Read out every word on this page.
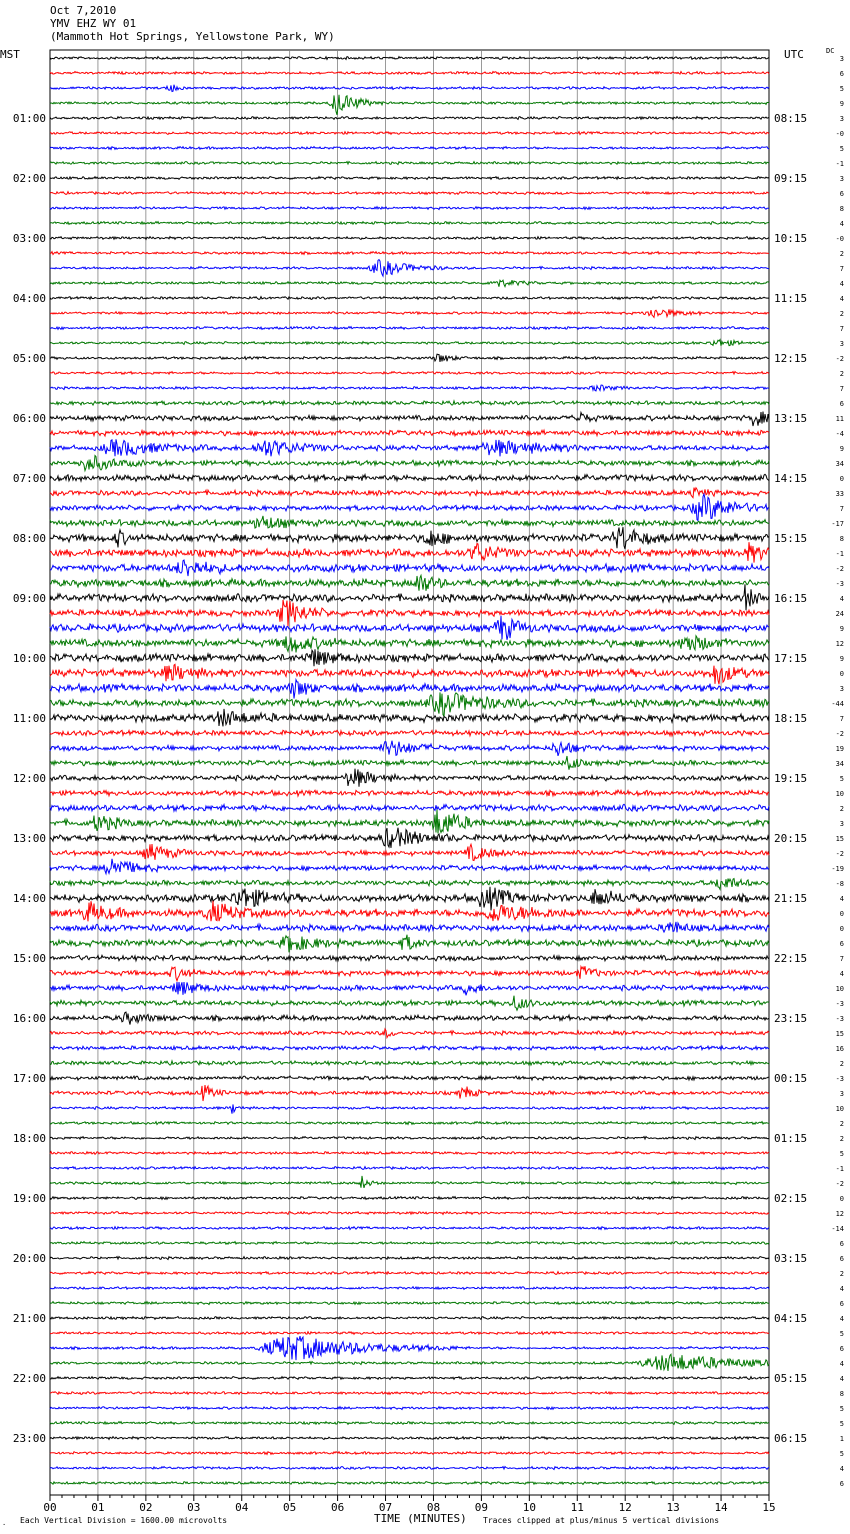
Oct 7,2010
YMV EHZ WY 01
(Mammoth Hot Springs, Yellowstone Park, WY)
MST	UTC	DC
01:00
02:00
03:00
04:00
05:00
06:00
07:00
08:00
09:00
10:00
11:00
12:00
13:00
14:00
15:00
16:00
17:00
18:00
19:00
20:00
21:00
22:00
23:00
08:15
09:15
10:15
11:15
12:15
13:15
14:15
15:15
16:15
17:15
18:15
19:15
20:15
21:15
22:15
23:15
00:15
01:15
02:15
03:15
04:15
05:15
06:15
3
6
5
9
3
-0
5
-1
3
6
8
4
-0
2
7
4
4
2
7
3
-2
2
7
6
11
-4
9
34
0
33
7
-17
8
-1
-2
-3
4
24
9
12
9
0
3
-44
7
-2
19
34
5
10
2
3
15
-2
-19
-8
4
0
0
6
7
4
10
-3
-3
15
16
2
-3
3
10
2
2
5
-1
-2
0
12
-14
6
6
2
4
6
4
5
6
4
4
8
5
5
1
5
4
6
00	01	02	03	04	05	06	07	08	09	10	11	12	13	14	15
. Each Vertical Division = 1600.00 microvolts	TIME (MINUTES) Traces clipped at plus/minus 5 vertical divisions
